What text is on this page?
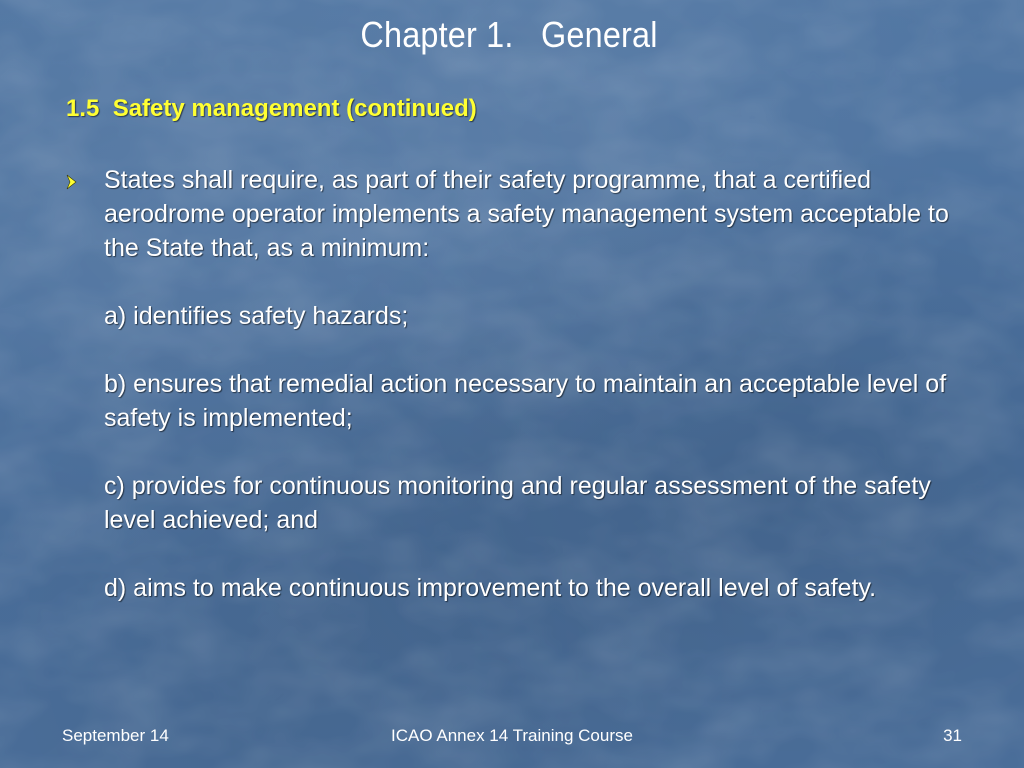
Chapter 1.   General
1.5  Safety management (continued)

States shall require, as part of their safety programme, that a certified aerodrome operator implements a safety management system acceptable to the State that, as a minimum:

a) identifies safety hazards;

b) ensures that remedial action necessary to maintain an acceptable level of safety is implemented;

c) provides for continuous monitoring and regular assessment of the safety level achieved; and

d) aims to make continuous improvement to the overall level of safety.

September 14	ICAO Annex 14 Training Course	31
